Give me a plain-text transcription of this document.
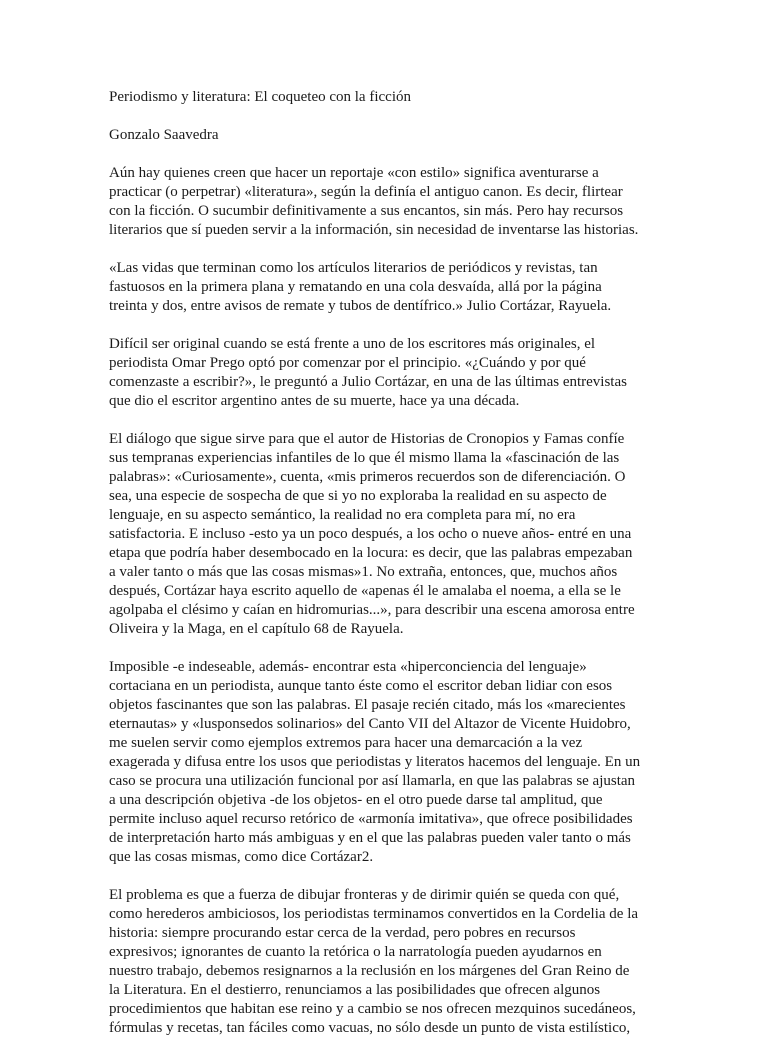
Periodismo y literatura: El coqueteo con la ficción
Gonzalo Saavedra
Aún hay quienes creen que hacer un reportaje «con estilo» significa aventurarse a
practicar (o perpetrar) «literatura», según la definía el antiguo canon. Es decir, flirtear
con la ficción. O sucumbir definitivamente a sus encantos, sin más. Pero hay recursos
literarios que sí pueden servir a la información, sin necesidad de inventarse las historias.
«Las vidas que terminan como los artículos literarios de periódicos y revistas, tan
fastuosos en la primera plana y rematando en una cola desvaída, allá por la página
treinta y dos, entre avisos de remate y tubos de dentífrico.» Julio Cortázar, Rayuela.
Difícil ser original cuando se está frente a uno de los escritores más originales, el
periodista Omar Prego optó por comenzar por el principio. «¿Cuándo y por qué
comenzaste a escribir?», le preguntó a Julio Cortázar, en una de las últimas entrevistas
que dio el escritor argentino antes de su muerte, hace ya una década.
El diálogo que sigue sirve para que el autor de Historias de Cronopios y Famas confíe
sus tempranas experiencias infantiles de lo que él mismo llama la «fascinación de las
palabras»: «Curiosamente», cuenta, «mis primeros recuerdos son de diferenciación. O
sea, una especie de sospecha de que si yo no exploraba la realidad en su aspecto de
lenguaje, en su aspecto semántico, la realidad no era completa para mí, no era
satisfactoria. E incluso -esto ya un poco después, a los ocho o nueve años- entré en una
etapa que podría haber desembocado en la locura: es decir, que las palabras empezaban
a valer tanto o más que las cosas mismas»1. No extraña, entonces, que, muchos años
después, Cortázar haya escrito aquello de «apenas él le amalaba el noema, a ella se le
agolpaba el clésimo y caían en hidromurias...», para describir una escena amorosa entre
Oliveira y la Maga, en el capítulo 68 de Rayuela.
Imposible -e indeseable, además- encontrar esta «hiperconciencia del lenguaje»
cortaciana en un periodista, aunque tanto éste como el escritor deban lidiar con esos
objetos fascinantes que son las palabras. El pasaje recién citado, más los «marecientes
eternautas» y «lusponsedos solinarios» del Canto VII del Altazor de Vicente Huidobro,
me suelen servir como ejemplos extremos para hacer una demarcación a la vez
exagerada y difusa entre los usos que periodistas y literatos hacemos del lenguaje. En un
caso se procura una utilización funcional por así llamarla, en que las palabras se ajustan
a una descripción objetiva -de los objetos- en el otro puede darse tal amplitud, que
permite incluso aquel recurso retórico de «armonía imitativa», que ofrece posibilidades
de interpretación harto más ambiguas y en el que las palabras pueden valer tanto o más
que las cosas mismas, como dice Cortázar2.
El problema es que a fuerza de dibujar fronteras y de dirimir quién se queda con qué,
como herederos ambiciosos, los periodistas terminamos convertidos en la Cordelia de la
historia: siempre procurando estar cerca de la verdad, pero pobres en recursos
expresivos; ignorantes de cuanto la retórica o la narratología pueden ayudarnos en
nuestro trabajo, debemos resignarnos a la reclusión en los márgenes del Gran Reino de
la Literatura. En el destierro, renunciamos a las posibilidades que ofrecen algunos
procedimientos que habitan ese reino y a cambio se nos ofrecen mezquinos sucedáneos,
fórmulas y recetas, tan fáciles como vacuas, no sólo desde un punto de vista estilístico,
